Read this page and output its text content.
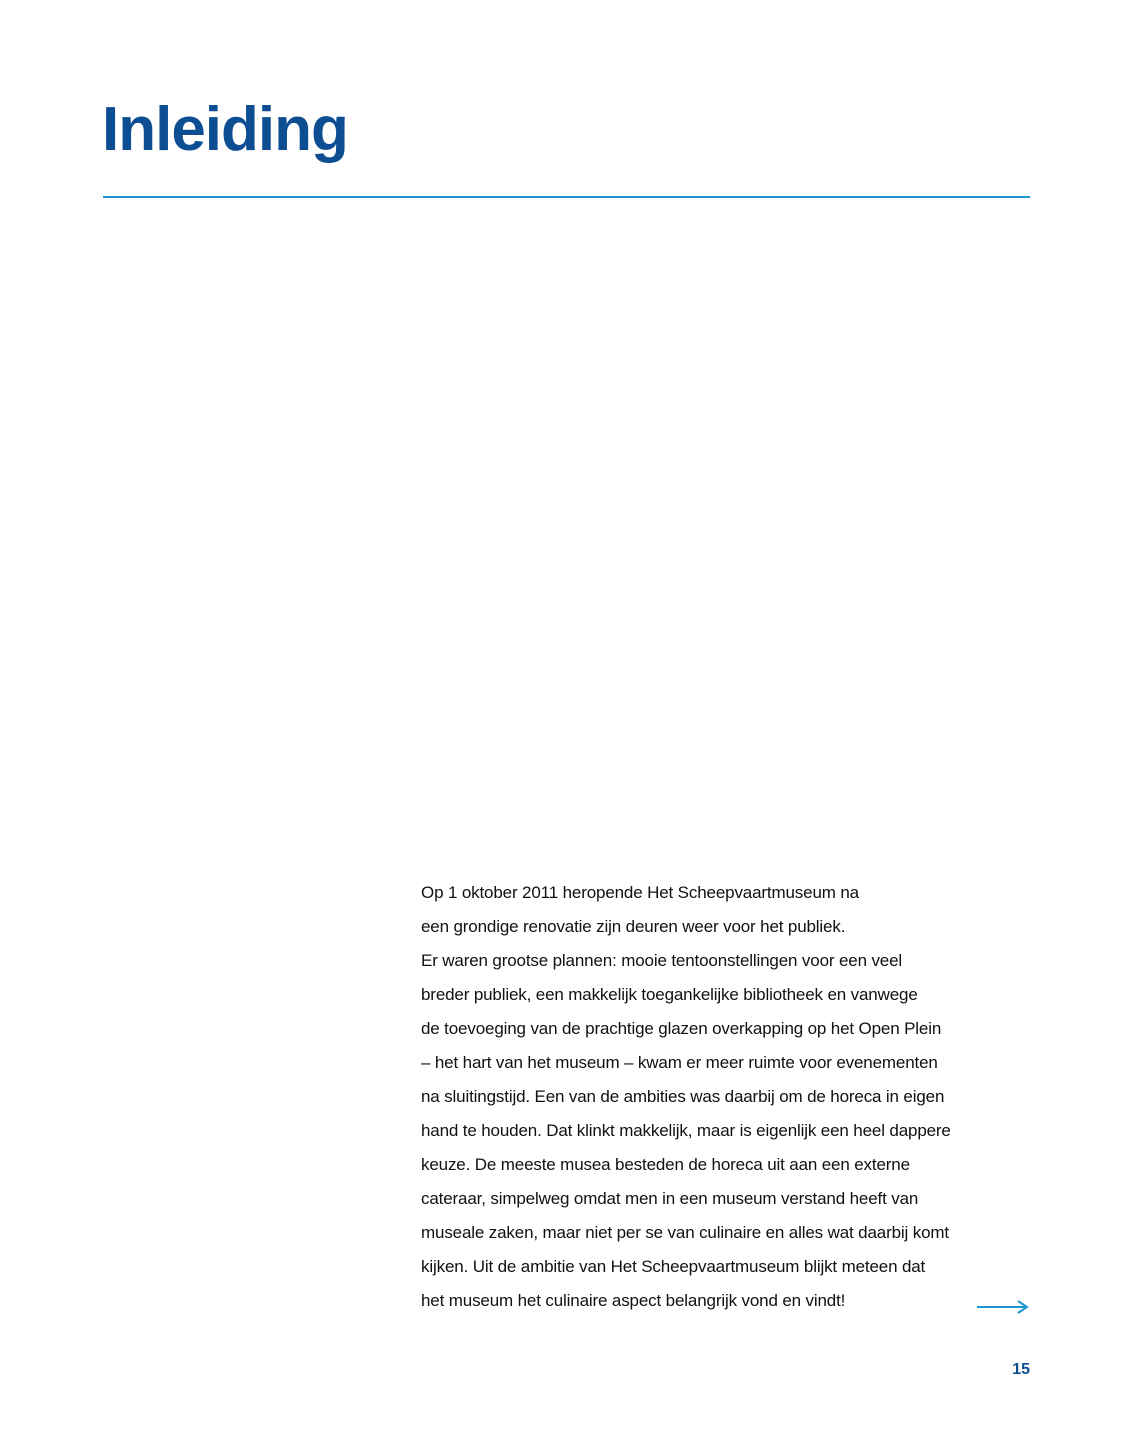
Inleiding
Op 1 oktober 2011 heropende Het Scheepvaartmuseum na
een grondige renovatie zijn deuren weer voor het publiek.
Er waren grootse plannen: mooie tentoonstellingen voor een veel
breder publiek, een makkelijk toegankelijke bibliotheek en vanwege
de toevoeging van de prachtige glazen overkapping op het Open Plein
– het hart van het museum – kwam er meer ruimte voor evenementen
na sluitingstijd. Een van de ambities was daarbij om de horeca in eigen
hand te houden. Dat klinkt makkelijk, maar is eigenlijk een heel dappere
keuze. De meeste musea besteden de horeca uit aan een externe
cateraar, simpelweg omdat men in een museum verstand heeft van
museale zaken, maar niet per se van culinaire en alles wat daarbij komt
kijken. Uit de ambitie van Het Scheepvaartmuseum blijkt meteen dat
het museum het culinaire aspect belangrijk vond en vindt!
15
